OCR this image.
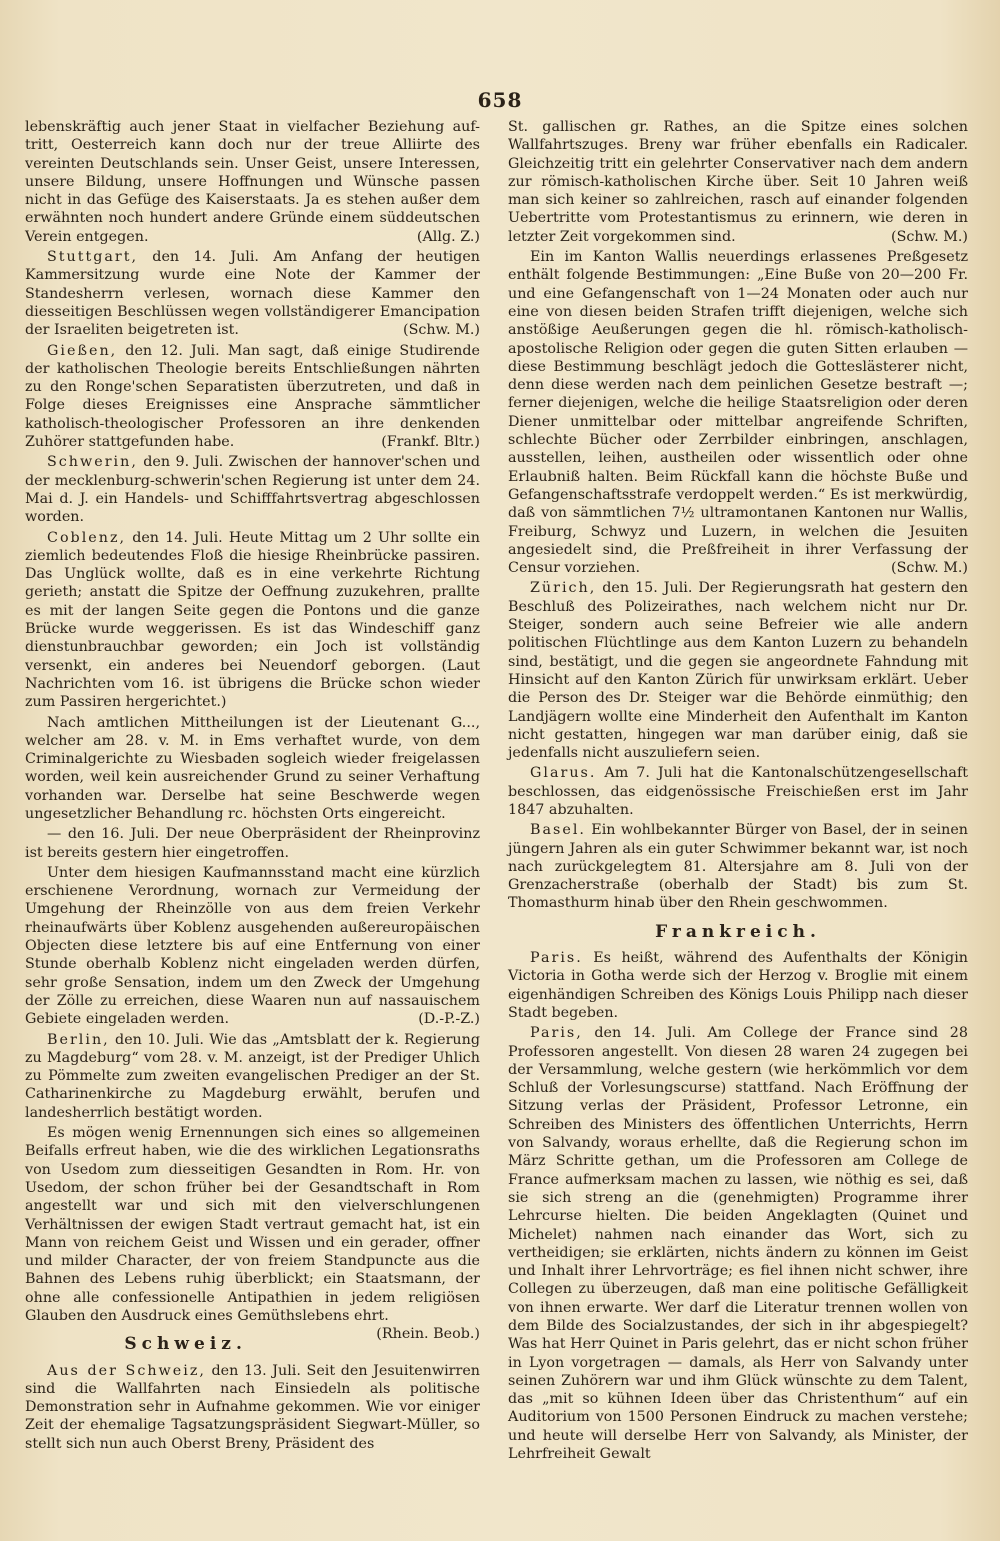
658

lebenskräftig auch jener Staat in vielfacher Beziehung auf-tritt, Oesterreich kann doch nur der treue Alliirte des vereinten Deutschlands sein. Unser Geist, unsere Interessen, unsere Bildung, unsere Hoffnungen und Wünsche passen nicht in das Gefüge des Kaiserstaats. Ja es stehen außer dem erwähnten noch hundert andere Gründe einem süddeutschen Verein entgegen.	(Allg. Z.)

Stuttgart, den 14. Juli. Am Anfang der heutigen Kammersitzung wurde eine Note der Kammer der Standesherrn verlesen, wornach diese Kammer den diesseitigen Beschlüssen wegen vollständigerer Emancipation der Israeliten beigetreten ist.	(Schw. M.)

Gießen, den 12. Juli. Man sagt, daß einige Studirende der katholischen Theologie bereits Entschließungen nährten zu den Ronge'schen Separatisten überzutreten, und daß in Folge dieses Ereignisses eine Ansprache sämmtlicher katholisch-theologischer Professoren an ihre denkenden Zuhörer stattgefunden habe.	(Frankf. Bltr.)

Schwerin, den 9. Juli. Zwischen der hannover'schen und der mecklenburg-schwerin'schen Regierung ist unter dem 24. Mai d. J. ein Handels- und Schifffahrtsvertrag abgeschlossen worden.

Coblenz, den 14. Juli. Heute Mittag um 2 Uhr sollte ein ziemlich bedeutendes Floß die hiesige Rheinbrücke passiren. Das Unglück wollte, daß es in eine verkehrte Richtung gerieth; anstatt die Spitze der Oeffnung zuzukehren, prallte es mit der langen Seite gegen die Pontons und die ganze Brücke wurde weggerissen. Es ist das Windeschiff ganz dienstunbrauchbar geworden; ein Joch ist vollständig versenkt, ein anderes bei Neuendorf geborgen. (Laut Nachrichten vom 16. ist übrigens die Brücke schon wieder zum Passiren hergerichtet.)

Nach amtlichen Mittheilungen ist der Lieutenant G..., welcher am 28. v. M. in Ems verhaftet wurde, von dem Criminalgerichte zu Wiesbaden sogleich wieder freigelassen worden, weil kein ausreichender Grund zu seiner Verhaftung vorhanden war. Derselbe hat seine Beschwerde wegen ungesetzlicher Behandlung rc. höchsten Orts eingereicht.

— den 16. Juli. Der neue Oberpräsident der Rheinprovinz ist bereits gestern hier eingetroffen.

Unter dem hiesigen Kaufmannsstand macht eine kürzlich erschienene Verordnung, wornach zur Vermeidung der Umgehung der Rheinzölle von aus dem freien Verkehr rheinaufwärts über Koblenz ausgehenden außereuropäischen Objecten diese letztere bis auf eine Entfernung von einer Stunde oberhalb Koblenz nicht eingeladen werden dürfen, sehr große Sensation, indem um den Zweck der Umgehung der Zölle zu erreichen, diese Waaren nun auf nassauischem Gebiete eingeladen werden.	(D.-P.-Z.)

Berlin, den 10. Juli. Wie das „Amtsblatt der k. Regierung zu Magdeburg“ vom 28. v. M. anzeigt, ist der Prediger Uhlich zu Pömmelte zum zweiten evangelischen Prediger an der St. Catharinenkirche zu Magdeburg erwählt, berufen und landesherrlich bestätigt worden.

Es mögen wenig Ernennungen sich eines so allgemeinen Beifalls erfreut haben, wie die des wirklichen Legationsraths von Usedom zum diesseitigen Gesandten in Rom. Hr. von Usedom, der schon früher bei der Gesandtschaft in Rom angestellt war und sich mit den vielverschlungenen Verhältnissen der ewigen Stadt vertraut gemacht hat, ist ein Mann von reichem Geist und Wissen und ein gerader, offner und milder Character, der von freiem Standpuncte aus die Bahnen des Lebens ruhig überblickt; ein Staatsmann, der ohne alle confessionelle Antipathien in jedem religiösen Glauben den Ausdruck eines Gemüthslebens ehrt.
(Rhein. Beob.)

Schweiz.

Aus der Schweiz, den 13. Juli. Seit den Jesuitenwirren sind die Wallfahrten nach Einsiedeln als politische Demonstration sehr in Aufnahme gekommen. Wie vor einiger Zeit der ehemalige Tagsatzungspräsident Siegwart-Müller, so stellt sich nun auch Oberst Breny, Präsident des

St. gallischen gr. Rathes, an die Spitze eines solchen Wallfahrtszuges. Breny war früher ebenfalls ein Radicaler. Gleichzeitig tritt ein gelehrter Conservativer nach dem andern zur römisch-katholischen Kirche über. Seit 10 Jahren weiß man sich keiner so zahlreichen, rasch auf einander folgenden Uebertritte vom Protestantismus zu erinnern, wie deren in letzter Zeit vorgekommen sind.	(Schw. M.)

Ein im Kanton Wallis neuerdings erlassenes Preßgesetz enthält folgende Bestimmungen: „Eine Buße von 20—200 Fr. und eine Gefangenschaft von 1—24 Monaten oder auch nur eine von diesen beiden Strafen trifft diejenigen, welche sich anstößige Aeußerungen gegen die hl. römisch-katholisch-apostolische Religion oder gegen die guten Sitten erlauben — diese Bestimmung beschlägt jedoch die Gotteslästerer nicht, denn diese werden nach dem peinlichen Gesetze bestraft —; ferner diejenigen, welche die heilige Staatsreligion oder deren Diener unmittelbar oder mittelbar angreifende Schriften, schlechte Bücher oder Zerrbilder einbringen, anschlagen, ausstellen, leihen, austheilen oder wissentlich oder ohne Erlaubniß halten. Beim Rückfall kann die höchste Buße und Gefangenschaftsstrafe verdoppelt werden.“ Es ist merkwürdig, daß von sämmtlichen 7½ ultramontanen Kantonen nur Wallis, Freiburg, Schwyz und Luzern, in welchen die Jesuiten angesiedelt sind, die Preßfreiheit in ihrer Verfassung der Censur vorziehen.	(Schw. M.)

Zürich, den 15. Juli. Der Regierungsrath hat gestern den Beschluß des Polizeirathes, nach welchem nicht nur Dr. Steiger, sondern auch seine Befreier wie alle andern politischen Flüchtlinge aus dem Kanton Luzern zu behandeln sind, bestätigt, und die gegen sie angeordnete Fahndung mit Hinsicht auf den Kanton Zürich für unwirksam erklärt. Ueber die Person des Dr. Steiger war die Behörde einmüthig; den Landjägern wollte eine Minderheit den Aufenthalt im Kanton nicht gestatten, hingegen war man darüber einig, daß sie jedenfalls nicht auszuliefern seien.

Glarus. Am 7. Juli hat die Kantonalschützengesellschaft beschlossen, das eidgenössische Freischießen erst im Jahr 1847 abzuhalten.

Basel. Ein wohlbekannter Bürger von Basel, der in seinen jüngern Jahren als ein guter Schwimmer bekannt war, ist noch nach zurückgelegtem 81. Altersjahre am 8. Juli von der Grenzacherstraße (oberhalb der Stadt) bis zum St. Thomasthurm hinab über den Rhein geschwommen.

Frankreich.

Paris. Es heißt, während des Aufenthalts der Königin Victoria in Gotha werde sich der Herzog v. Broglie mit einem eigenhändigen Schreiben des Königs Louis Philipp nach dieser Stadt begeben.

Paris, den 14. Juli. Am College der France sind 28 Professoren angestellt. Von diesen 28 waren 24 zugegen bei der Versammlung, welche gestern (wie herkömmlich vor dem Schluß der Vorlesungscurse) stattfand. Nach Eröffnung der Sitzung verlas der Präsident, Professor Letronne, ein Schreiben des Ministers des öffentlichen Unterrichts, Herrn von Salvandy, woraus erhellte, daß die Regierung schon im März Schritte gethan, um die Professoren am College de France aufmerksam machen zu lassen, wie nöthig es sei, daß sie sich streng an die (genehmigten) Programme ihrer Lehrcurse hielten. Die beiden Angeklagten (Quinet und Michelet) nahmen nach einander das Wort, sich zu vertheidigen; sie erklärten, nichts ändern zu können im Geist und Inhalt ihrer Lehrvorträge; es fiel ihnen nicht schwer, ihre Collegen zu überzeugen, daß man eine politische Gefälligkeit von ihnen erwarte. Wer darf die Literatur trennen wollen von dem Bilde des Socialzustandes, der sich in ihr abgespiegelt? Was hat Herr Quinet in Paris gelehrt, das er nicht schon früher in Lyon vorgetragen — damals, als Herr von Salvandy unter seinen Zuhörern war und ihm Glück wünschte zu dem Talent, das „mit so kühnen Ideen über das Christenthum“ auf ein Auditorium von 1500 Personen Eindruck zu machen verstehe; und heute will derselbe Herr von Salvandy, als Minister, der Lehrfreiheit Gewalt
